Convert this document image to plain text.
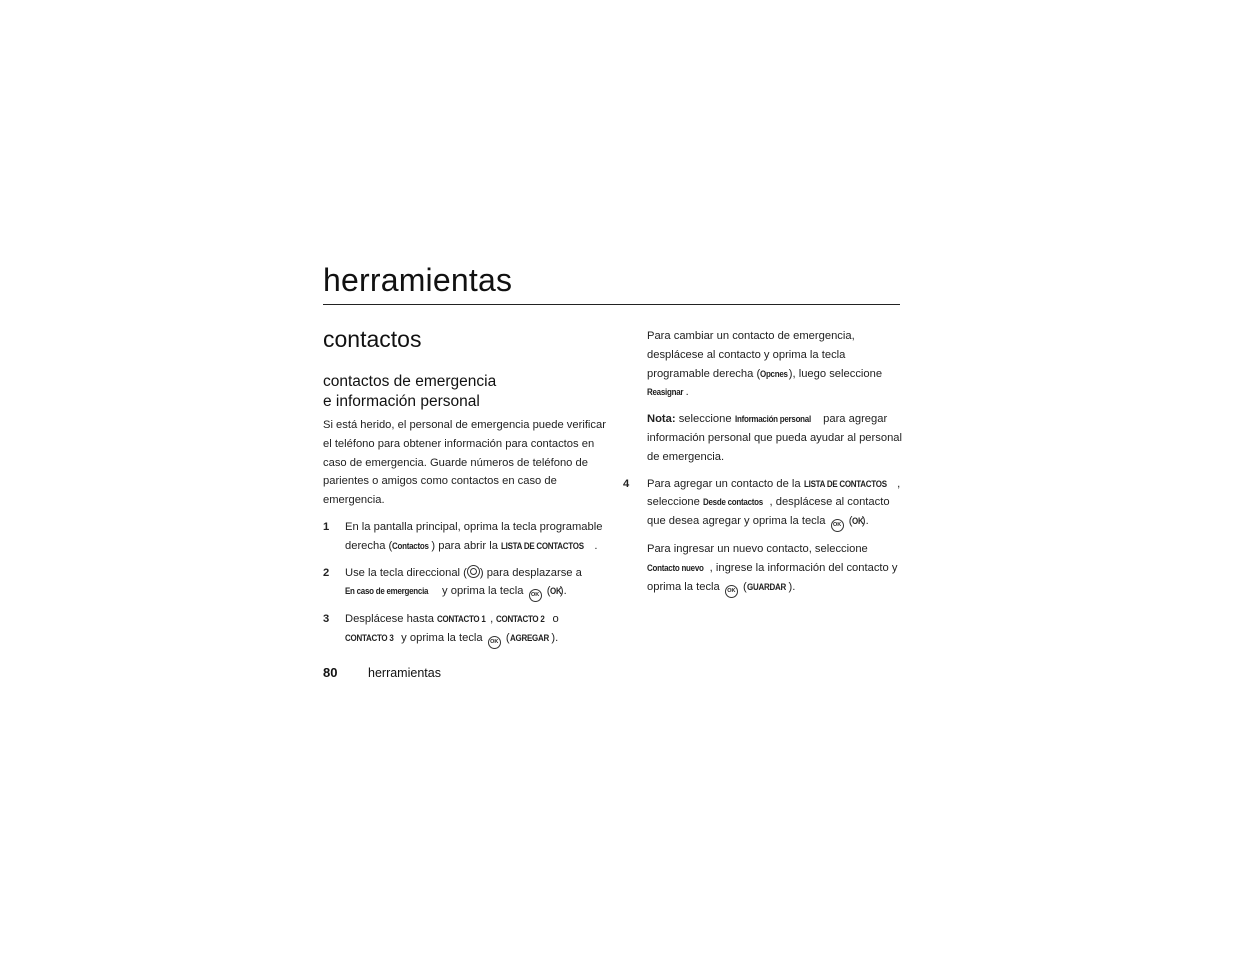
herramientas
contactos
contactos de emergencia
e información personal

Si está herido, el personal de emergencia puede verificar el teléfono para obtener información para contactos en caso de emergencia. Guarde números de teléfono de parientes o amigos como contactos en caso de emergencia.

1 En la pantalla principal, oprima la tecla programable derecha (Contactos ) para abrir la LISTA DE CONTACTOS .

2 Use la tecla direccional ( ) para desplazarse a En caso de emergencia y oprima la tecla OK (OK).

3 Desplácese hasta CONTACTO 1 , CONTACTO 2 o CONTACTO 3 y oprima la tecla OK (AGREGAR ).

Para cambiar un contacto de emergencia, desplácese al contacto y oprima la tecla programable derecha (Opcnes), luego seleccione Reasignar .

Nota: seleccione Información personal para agregar información personal que pueda ayudar al personal de emergencia.

4 Para agregar un contacto de la LISTA DE CONTACTOS , seleccione Desde contactos , desplácese al contacto que desea agregar y oprima la tecla OK (OK).

Para ingresar un nuevo contacto, seleccione Contacto nuevo , ingrese la información del contacto y oprima la tecla OK (GUARDAR ).

80 herramientas
